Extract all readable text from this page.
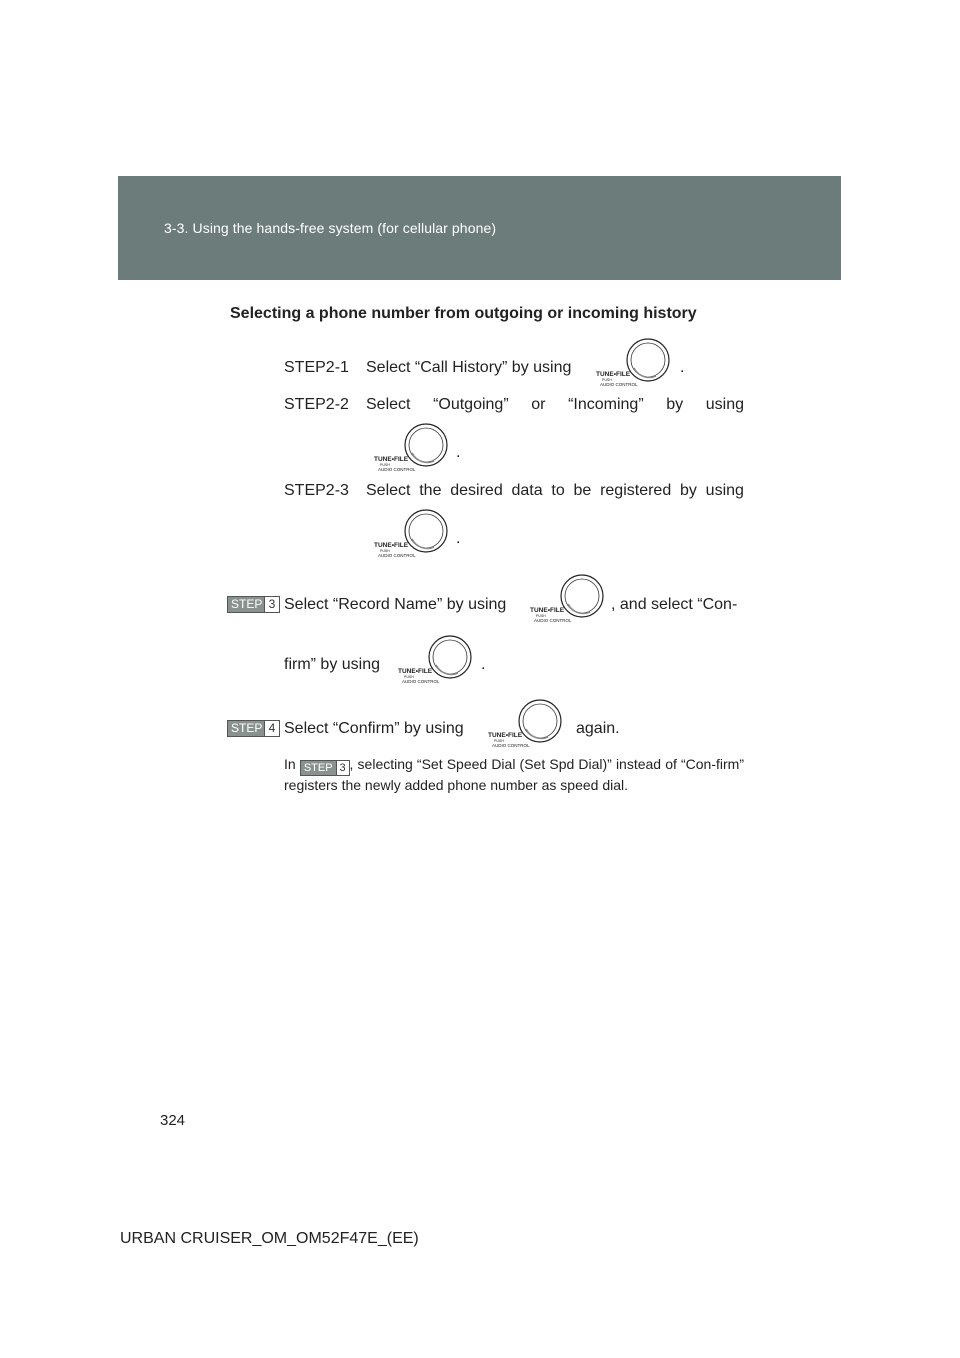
3-3. Using the hands-free system (for cellular phone)
Selecting a phone number from outgoing or incoming history
STEP2-1 Select “Call History” by using	TUNE•FILE
PUSH
AUDIO CONTROL
.
STEP2-2 Select “Outgoing” or “Incoming” by using
TUNE•FILE
PUSH
AUDIO CONTROL
.
STEP2-3 Select the desired data to be registered by using
TUNE•FILE
PUSH
AUDIO CONTROL
.
STEP 3 Select “Record Name” by using	TUNE•FILE
PUSH
AUDIO CONTROL
, and select “Con-
firm” by using	TUNE•FILE
PUSH
AUDIO CONTROL
.
STEP 4 Select “Confirm” by using	TUNE•FILE
PUSH
AUDIO CONTROL
again.
In STEP 3 , selecting “Set Speed Dial (Set Spd Dial)” instead of “Con-firm” registers the newly added phone number as speed dial.
324
URBAN CRUISER_OM_OM52F47E_(EE)
